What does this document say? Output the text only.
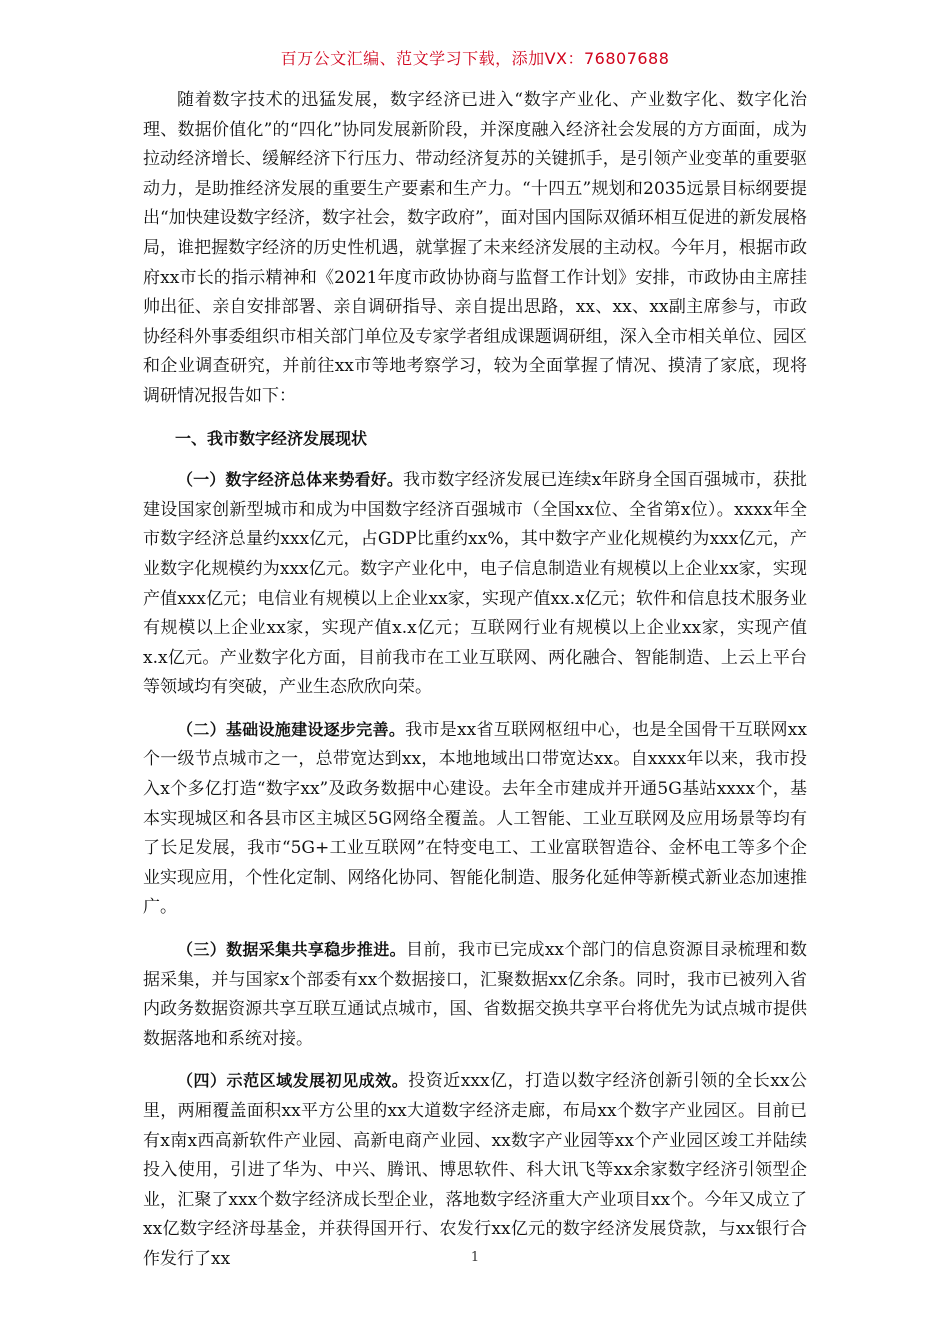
百万公文汇编、范文学习下载，添加VX：76807688

随着数字技术的迅猛发展，数字经济已进入“数字产业化、产业数字化、数字化治理、数据价值化”的“四化”协同发展新阶段，并深度融入经济社会发展的方方面面，成为拉动经济增长、缓解经济下行压力、带动经济复苏的关键抓手，是引领产业变革的重要驱动力，是助推经济发展的重要生产要素和生产力。“十四五”规划和2035远景目标纲要提出“加快建设数字经济，数字社会，数字政府”，面对国内国际双循环相互促进的新发展格局，谁把握数字经济的历史性机遇，就掌握了未来经济发展的主动权。今年月，根据市政府xx市长的指示精神和《2021年度市政协协商与监督工作计划》安排，市政协由主席挂帅出征、亲自安排部署、亲自调研指导、亲自提出思路，xx、xx、xx副主席参与，市政协经科外事委组织市相关部门单位及专家学者组成课题调研组，深入全市相关单位、园区和企业调查研究，并前往xx市等地考察学习，较为全面掌握了情况、摸清了家底，现将调研情况报告如下：

一、我市数字经济发展现状

（一）数字经济总体来势看好。我市数字经济发展已连续x年跻身全国百强城市，获批建设国家创新型城市和成为中国数字经济百强城市（全国xx位、全省第x位）。xxxx年全市数字经济总量约xxx亿元，占GDP比重约xx%，其中数字产业化规模约为xxx亿元，产业数字化规模约为xxx亿元。数字产业化中，电子信息制造业有规模以上企业xx家，实现产值xxx亿元；电信业有规模以上企业xx家，实现产值xx.x亿元；软件和信息技术服务业有规模以上企业xx家，实现产值x.x亿元；互联网行业有规模以上企业xx家，实现产值x.x亿元。产业数字化方面，目前我市在工业互联网、两化融合、智能制造、上云上平台等领域均有突破，产业生态欣欣向荣。

（二）基础设施建设逐步完善。我市是xx省互联网枢纽中心，也是全国骨干互联网xx个一级节点城市之一，总带宽达到xx，本地地域出口带宽达xx。自xxxx年以来，我市投入x个多亿打造“数字xx”及政务数据中心建设。去年全市建成并开通5G基站xxxx个，基本实现城区和各县市区主城区5G网络全覆盖。人工智能、工业互联网及应用场景等均有了长足发展，我市“5G+工业互联网”在特变电工、工业富联智造谷、金杯电工等多个企业实现应用，个性化定制、网络化协同、智能化制造、服务化延伸等新模式新业态加速推广。

（三）数据采集共享稳步推进。目前，我市已完成xx个部门的信息资源目录梳理和数据采集，并与国家x个部委有xx个数据接口，汇聚数据xx亿余条。同时，我市已被列入省内政务数据资源共享互联互通试点城市，国、省数据交换共享平台将优先为试点城市提供数据落地和系统对接。

（四）示范区域发展初见成效。投资近xxx亿，打造以数字经济创新引领的全长xx公里，两厢覆盖面积xx平方公里的xx大道数字经济走廊，布局xx个数字产业园区。目前已有x南x西高新软件产业园、高新电商产业园、xx数字产业园等xx个产业园区竣工并陆续投入使用，引进了华为、中兴、腾讯、博思软件、科大讯飞等xx余家数字经济引领型企业，汇聚了xxx个数字经济成长型企业，落地数字经济重大产业项目xx个。今年又成立了xx亿数字经济母基金，并获得国开行、农发行xx亿元的数字经济发展贷款，与xx银行合作发行了xx	1
